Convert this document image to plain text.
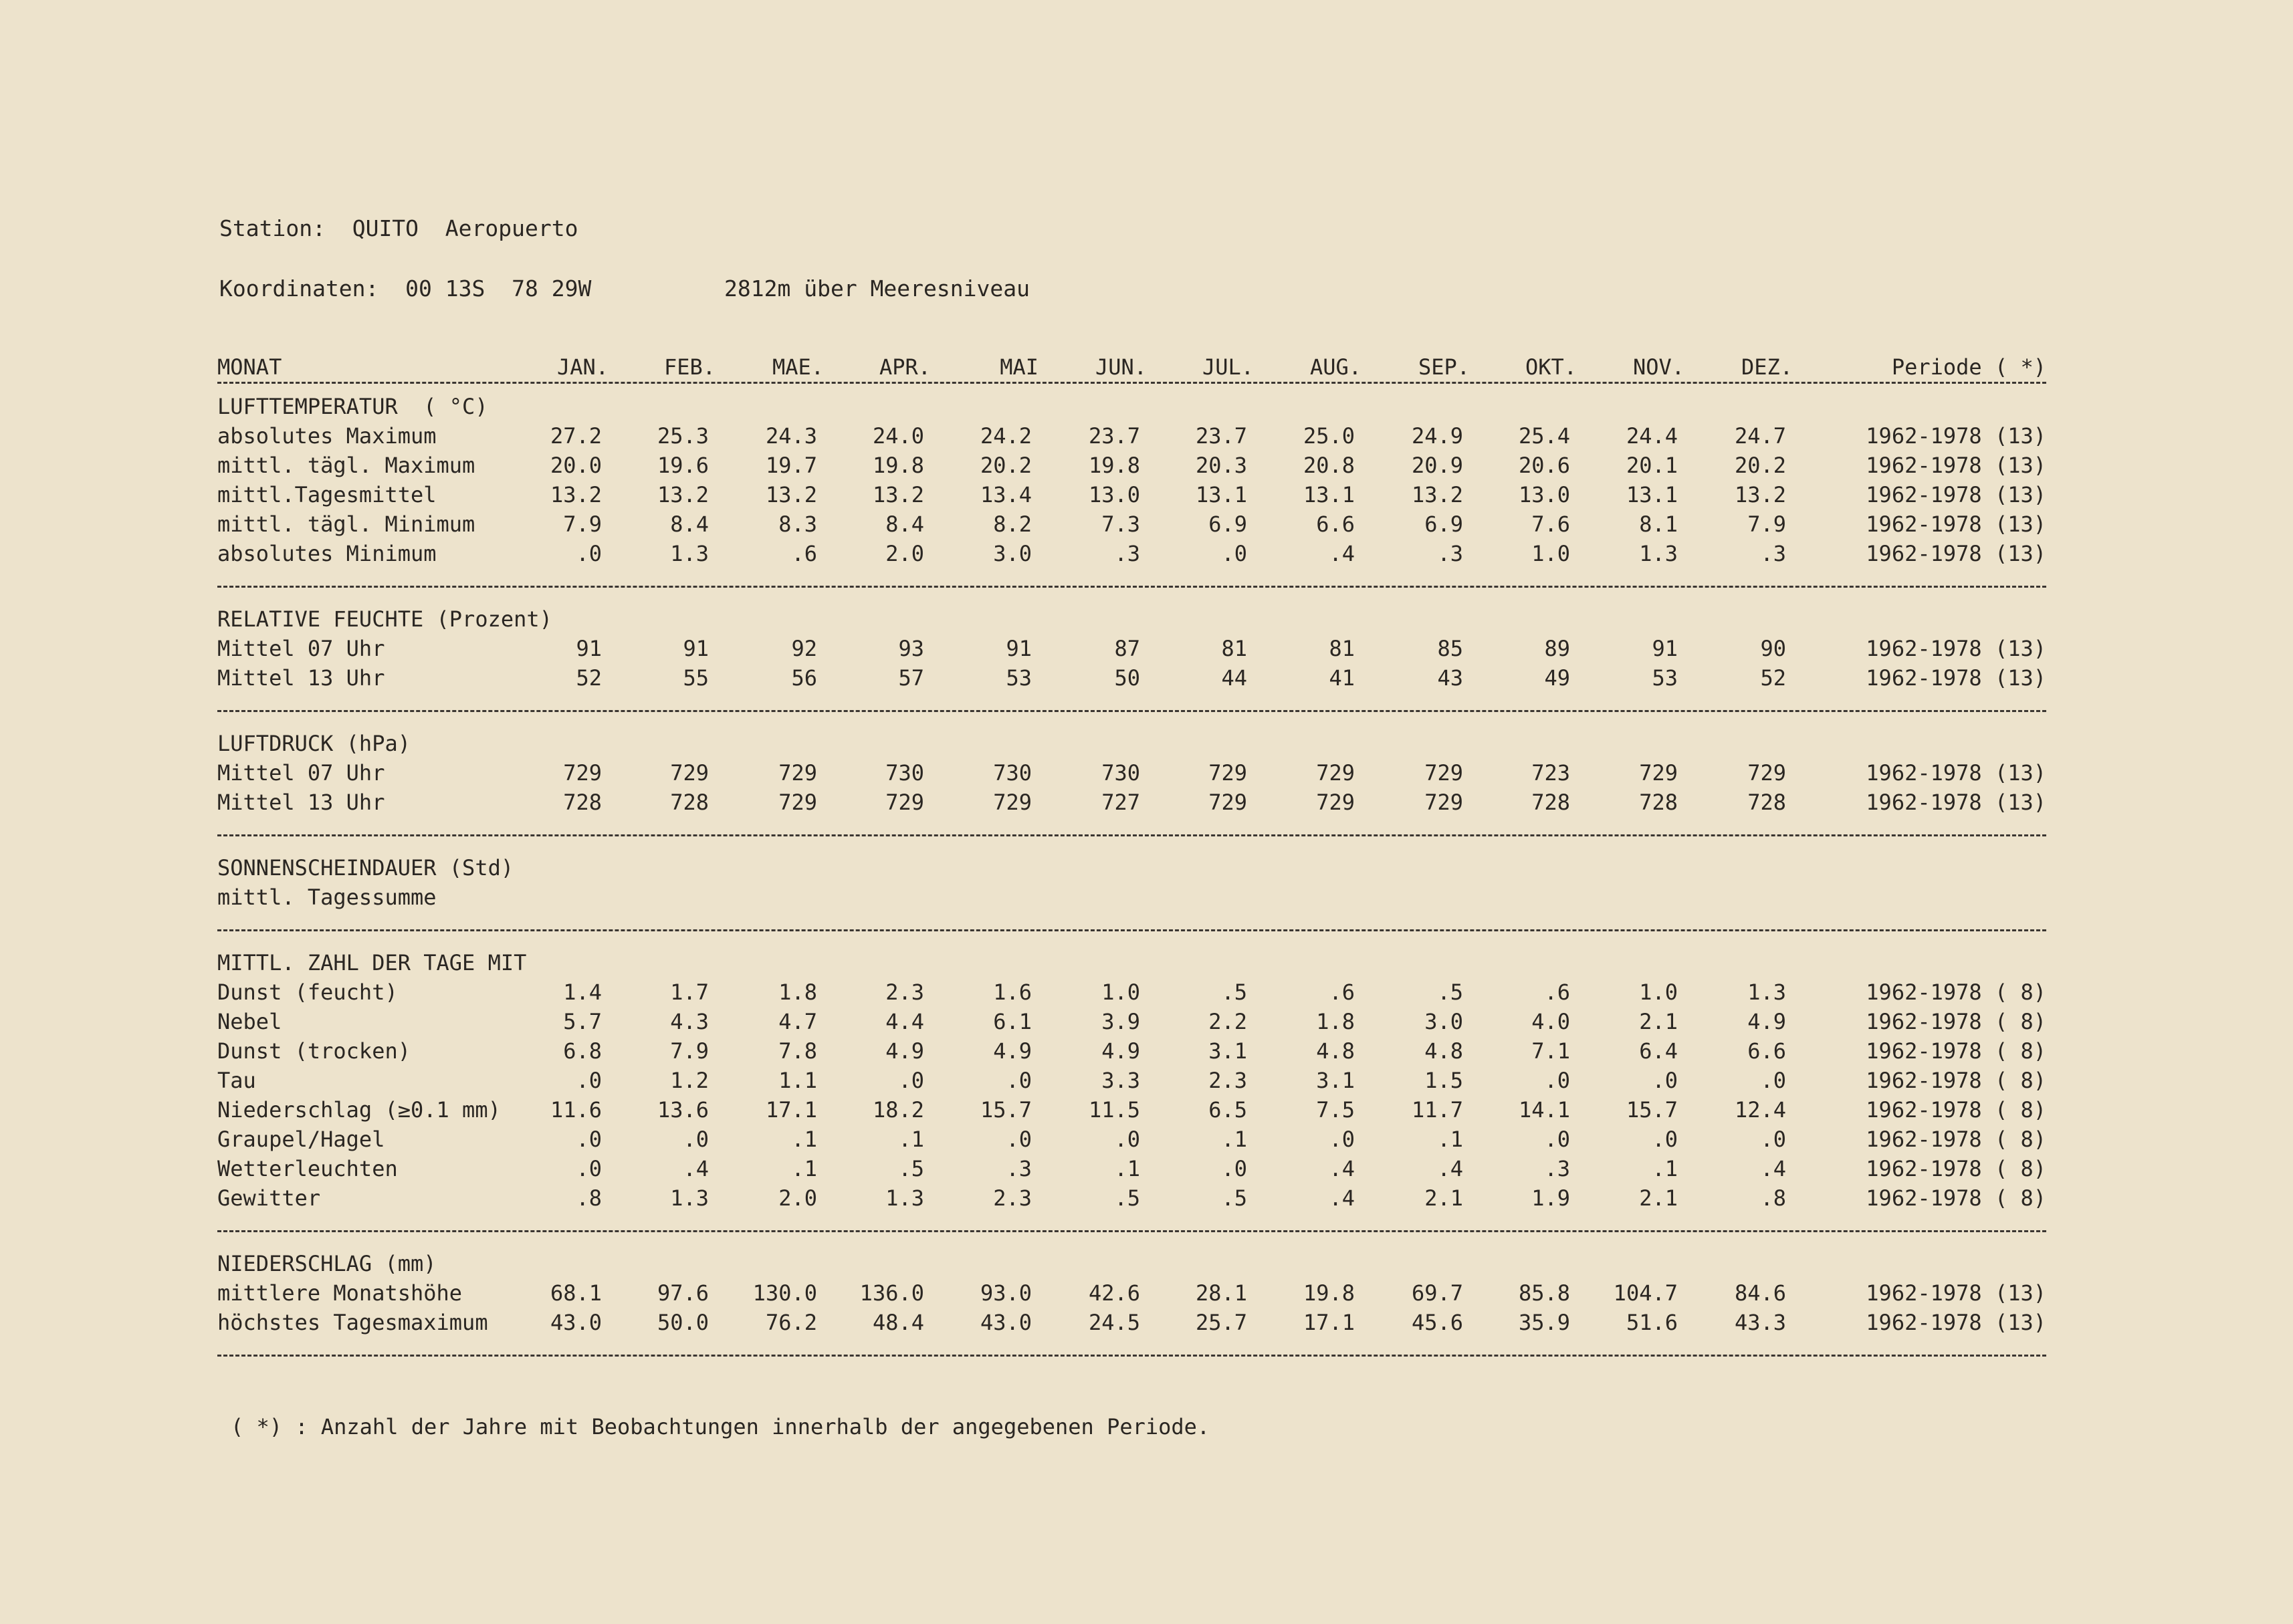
Station: QUITO  Aeropuerto
Koordinaten: 00 13S  78 29W	2812m über Meeresniveau
MONAT	JAN.	FEB.	MAE.	APR.	MAI	JUN.	JUL.	AUG.	SEP.	OKT.	NOV.	DEZ.	Periode ( *)
LUFTTEMPERATUR  ( °C)
absolutes Maximum	27.2	25.3	24.3	24.0	24.2	23.7	23.7	25.0	24.9	25.4	24.4	24.7	1962-1978 (13)
mittl. tägl. Maximum	20.0	19.6	19.7	19.8	20.2	19.8	20.3	20.8	20.9	20.6	20.1	20.2	1962-1978 (13)
mittl.Tagesmittel	13.2	13.2	13.2	13.2	13.4	13.0	13.1	13.1	13.2	13.0	13.1	13.2	1962-1978 (13)
mittl. tägl. Minimum	7.9	8.4	8.3	8.4	8.2	7.3	6.9	6.6	6.9	7.6	8.1	7.9	1962-1978 (13)
absolutes Minimum	.0	1.3	.6	2.0	3.0	.3	.0	.4	.3	1.0	1.3	.3	1962-1978 (13)
RELATIVE FEUCHTE (Prozent)
Mittel 07 Uhr	91	91	92	93	91	87	81	81	85	89	91	90	1962-1978 (13)
Mittel 13 Uhr	52	55	56	57	53	50	44	41	43	49	53	52	1962-1978 (13)
LUFTDRUCK (hPa)
Mittel 07 Uhr	729	729	729	730	730	730	729	729	729	723	729	729	1962-1978 (13)
Mittel 13 Uhr	728	728	729	729	729	727	729	729	729	728	728	728	1962-1978 (13)
SONNENSCHEINDAUER (Std)
mittl. Tagessumme
MITTL. ZAHL DER TAGE MIT
Dunst (feucht)	1.4	1.7	1.8	2.3	1.6	1.0	.5	.6	.5	.6	1.0	1.3	1962-1978 ( 8)
Nebel	5.7	4.3	4.7	4.4	6.1	3.9	2.2	1.8	3.0	4.0	2.1	4.9	1962-1978 ( 8)
Dunst (trocken)	6.8	7.9	7.8	4.9	4.9	4.9	3.1	4.8	4.8	7.1	6.4	6.6	1962-1978 ( 8)
Tau	.0	1.2	1.1	.0	.0	3.3	2.3	3.1	1.5	.0	.0	.0	1962-1978 ( 8)
Niederschlag (≥0.1 mm) 11.6	13.6	17.1	18.2	15.7	11.5	6.5	7.5	11.7	14.1	15.7	12.4	1962-1978 ( 8)
Graupel/Hagel	.0	.0	.1	.1	.0	.0	.1	.0	.1	.0	.0	.0	1962-1978 ( 8)
Wetterleuchten	.0	.4	.1	.5	.3	.1	.0	.4	.4	.3	.1	.4	1962-1978 ( 8)
Gewitter	.8	1.3	2.0	1.3	2.3	.5	.5	.4	2.1	1.9	2.1	.8	1962-1978 ( 8)
NIEDERSCHLAG (mm)
mittlere Monatshöhe	68.1	97.6 130.0 136.0	93.0	42.6	28.1	19.8	69.7	85.8 104.7	84.6	1962-1978 (13)
höchstes Tagesmaximum	43.0	50.0	76.2	48.4	43.0	24.5	25.7	17.1	45.6	35.9	51.6	43.3	1962-1978 (13)
( *) : Anzahl der Jahre mit Beobachtungen innerhalb der angegebenen Periode.
